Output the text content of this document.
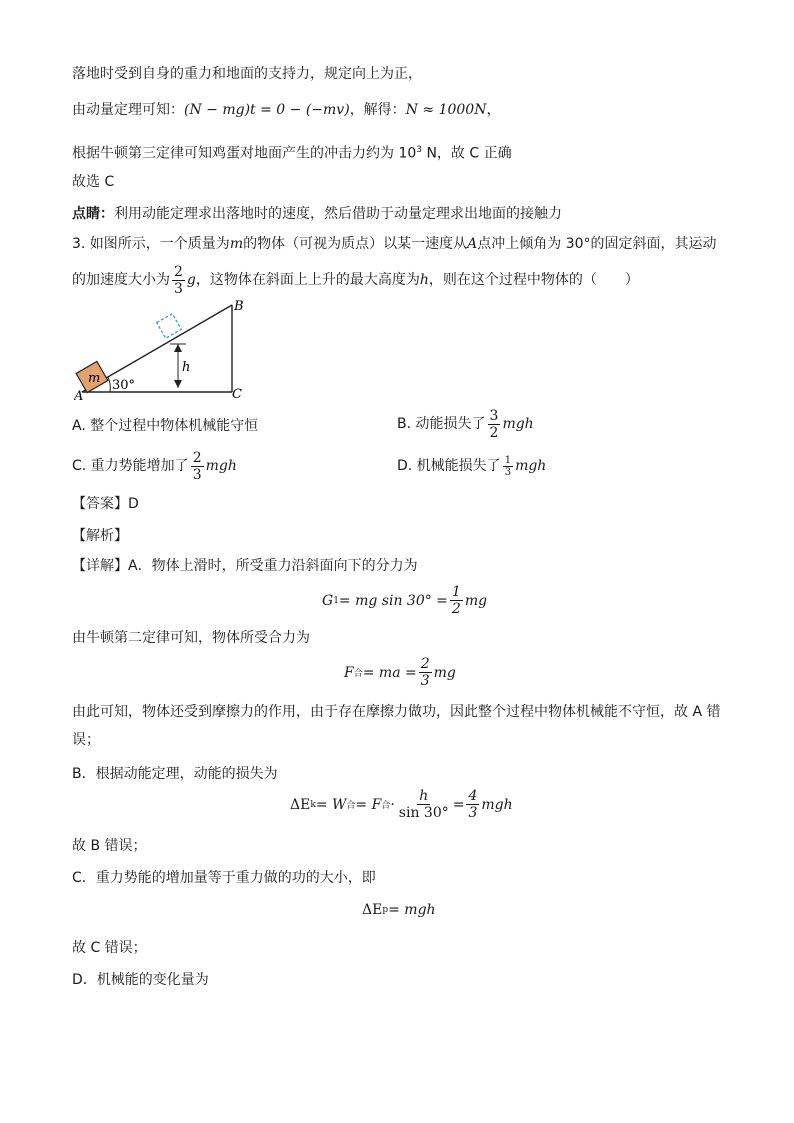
落地时受到自身的重力和地面的支持力，规定向上为正，
由动量定理可知：(N − mg)t = 0 − (−mv)，解得：N ≈ 1000N，
根据牛顿第三定律可知鸡蛋对地面产生的冲击力约为 $10^3$ N，故 C 正确
故选 C
点睛：利用动能定理求出落地时的速度，然后借助于动量定理求出地面的接触力
3. 如图所示，一个质量为m的物体（可视为质点）以某一速度从A点冲上倾角为 30°的固定斜面，其运动
的加速度大小为 $\frac{2}{3}$ g，这物体在斜面上上升的最大高度为h，则在这个过程中物体的（　　）
m 30°
h
B
A	C
A. 整个过程中物体机械能守恒	B. 动能损失了 $\frac{3}{2}$ mgh
C. 重力势能增加了 $\frac{2}{3}$ mgh	D. 机械能损失了 $\frac{1}{3}$ mgh
【答案】D
【解析】
【详解】A．物体上滑时，所受重力沿斜面向下的分力为
G 1 = mg $\sin 30^\circ = \frac{1}{2}$ mg
由牛顿第二定律可知，物体所受合力为
F 合 = ma = $\frac{2}{3}$ mg
由此可知，物体还受到摩擦力的作用，由于存在摩擦力做功，因此整个过程中物体机械能不守恒，故 A 错
误；
B．根据动能定理，动能的损失为
ΔE k = W 合 = F 合 · $\frac{h}{\sin 30^\circ} = \frac{4}{3}$ mgh
故 B 错误；
C．重力势能的增加量等于重力做的功的大小，即
ΔE p = mgh
故 C 错误；
D．机械能的变化量为
